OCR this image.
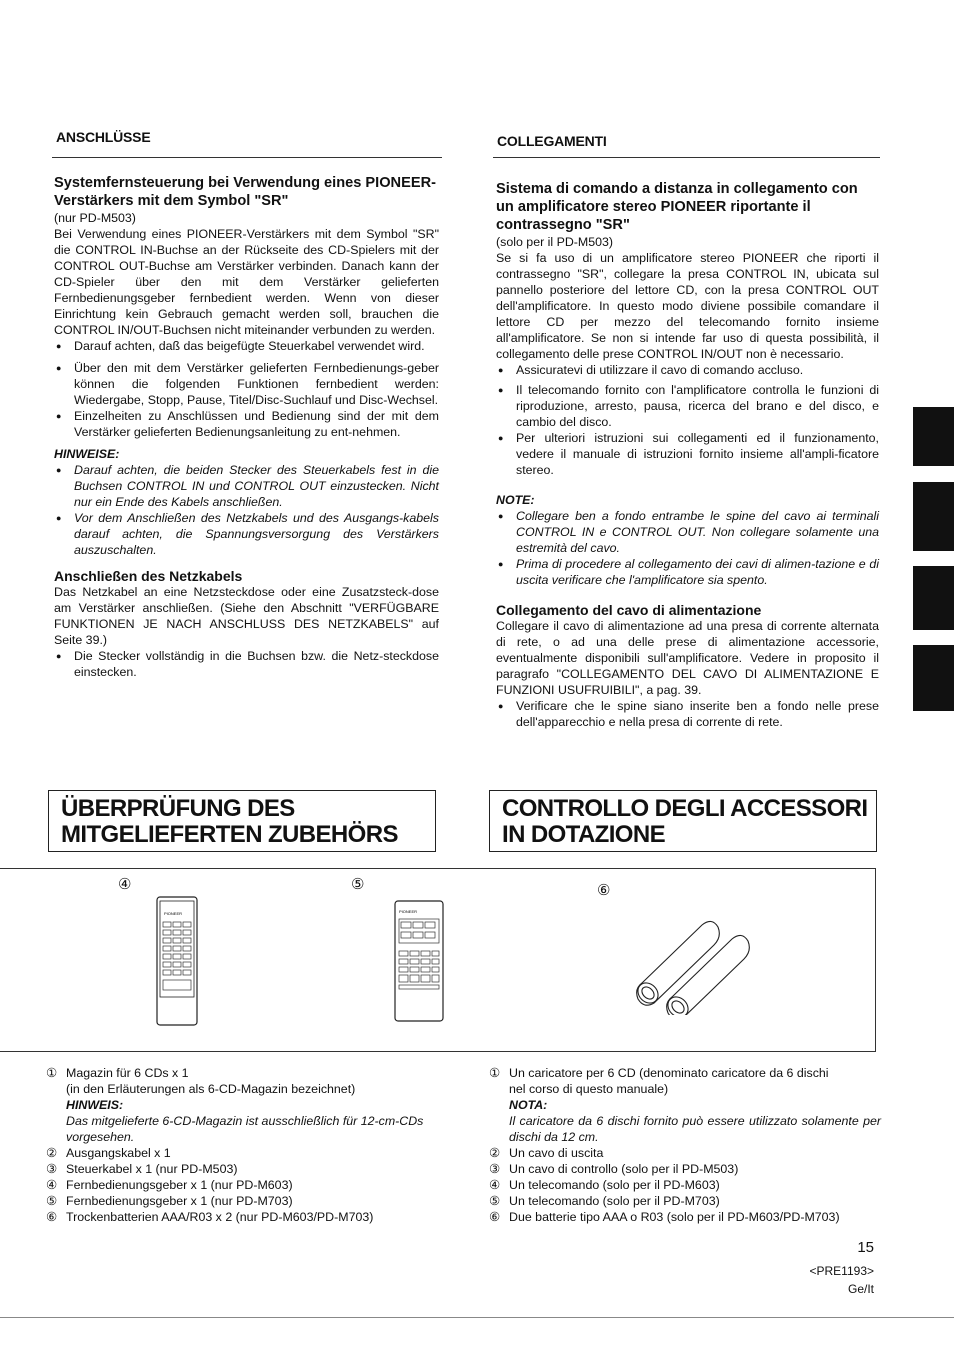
ANSCHLÜSSE	COLLEGAMENTI
Systemfernsteuerung bei Verwendung eines PIONEER- Verstärkers mit dem Symbol "SR"
(nur PD-M503)

Bei Verwendung eines PIONEER-Verstärkers mit dem Symbol "SR" die CONTROL IN-Buchse an der Rückseite des CD-Spielers mit der CONTROL OUT-Buchse am Verstärker verbinden. Danach kann der CD-Spieler über den mit dem Verstärker gelieferten Fernbedienungsgeber fernbedient werden. Wenn von dieser Einrichtung kein Gebrauch gemacht werden soll, brauchen die CONTROL IN/OUT-Buchsen nicht miteinander verbunden zu werden.

● Darauf achten, daß das beigefügte Steuerkabel verwendet wird.
● Über den mit dem Verstärker gelieferten Fernbedienungs-geber können die folgenden Funktionen fernbedient werden: Wiedergabe, Stopp, Pause, Titel/Disc-Suchlauf und Disc-Wechsel.
● Einzelheiten zu Anschlüssen und Bedienung sind der mit dem Verstärker gelieferten Bedienungsanleitung zu ent-nehmen.
HINWEISE:
● Darauf achten, die beiden Stecker des Steuerkabels fest in die Buchsen CONTROL IN und CONTROL OUT einzustecken. Nicht nur ein Ende des Kabels anschließen.
● Vor dem Anschließen des Netzkabels und des Ausgangs-kabels darauf achten, die Spannungsversorgung des Verstärkers auszuschalten.
Anschließen des Netzkabels

Das Netzkabel an eine Netzsteckdose oder eine Zusatzsteck-dose am Verstärker anschließen. (Siehe den Abschnitt "VERFÜGBARE FUNKTIONEN JE NACH ANSCHLUSS DES NETZKABELS" auf Seite 39.)

● Die Stecker vollständig in die Buchsen bzw. die Netz-steckdose einstecken.
Sistema di comando a distanza in collegamento con un amplificatore stereo PIONEER riportante il contrassegno "SR"
(solo per il PD-M503)

Se si fa uso di un amplificatore stereo PIONEER che riporti il contrassegno "SR", collegare la presa CONTROL IN, ubicata sul pannello posteriore del lettore CD, con la presa CONTROL OUT dell'amplificatore. In questo modo diviene possibile comandare il lettore CD per mezzo del telecomando fornito insieme all'amplificatore. Se non si intende far uso di questa possibilità, il collegamento delle prese CONTROL IN/OUT non è necessario.

● Assicuratevi di utilizzare il cavo di comando accluso.
● Il telecomando fornito con l'amplificatore controlla le funzioni di riproduzione, arresto, pausa, ricerca del brano e del disco, e cambio del disco.
● Per ulteriori istruzioni sui collegamenti ed il funzionamento, vedere il manuale di istruzioni fornito insieme all'ampli-ficatore stereo.
NOTE:
● Collegare ben a fondo entrambe le spine del cavo ai terminali CONTROL IN e CONTROL OUT. Non collegare solamente una estremità del cavo.
● Prima di procedere al collegamento dei cavi di alimen-tazione e di uscita verificare che l'amplificatore sia spento.
Collegamento del cavo di alimentazione

Collegare il cavo di alimentazione ad una presa di corrente alternata di rete, o ad una delle prese di alimentazione accessorie, eventualmente disponibili sull'amplificatore. Vedere in proposito il paragrafo "COLLEGAMENTO DEL CAVO DI ALIMENTAZIONE E FUNZIONI USUFRUIBILI", a pag. 39.

● Verificare che le spine siano inserite ben a fondo nelle prese dell'apparecchio e nella presa di corrente di rete.
ÜBERPRÜFUNG DES
MITGELIEFERTEN ZUBEHÖRS
CONTROLLO DEGLI ACCESSORI
IN DOTAZIONE
④	⑤	⑥
PIONEER	PIONEER
① Magazin für 6 CDs x 1
(in den Erläuterungen als 6-CD-Magazin bezeichnet)
HINWEIS:
Das mitgelieferte 6-CD-Magazin ist ausschließlich für 12-cm-CDs vorgesehen.
② Ausgangskabel x 1
③ Steuerkabel x 1 (nur PD-M503)
④ Fernbedienungsgeber x 1 (nur PD-M603)
⑤ Fernbedienungsgeber x 1 (nur PD-M703)
⑥ Trockenbatterien AAA/R03 x 2 (nur PD-M603/PD-M703)
① Un caricatore per 6 CD (denominato caricatore da 6 dischi
nel corso di questo manuale)
NOTA:
Il caricatore da 6 dischi fornito può essere utilizzato solamente per dischi da 12 cm.
② Un cavo di uscita
③ Un cavo di controllo (solo per il PD-M503)
④ Un telecomando (solo per il PD-M603)
⑤ Un telecomando (solo per il PD-M703)
⑥ Due batterie tipo AAA o R03 (solo per il PD-M603/PD-M703)
15
<PRE1193>
Ge/It
